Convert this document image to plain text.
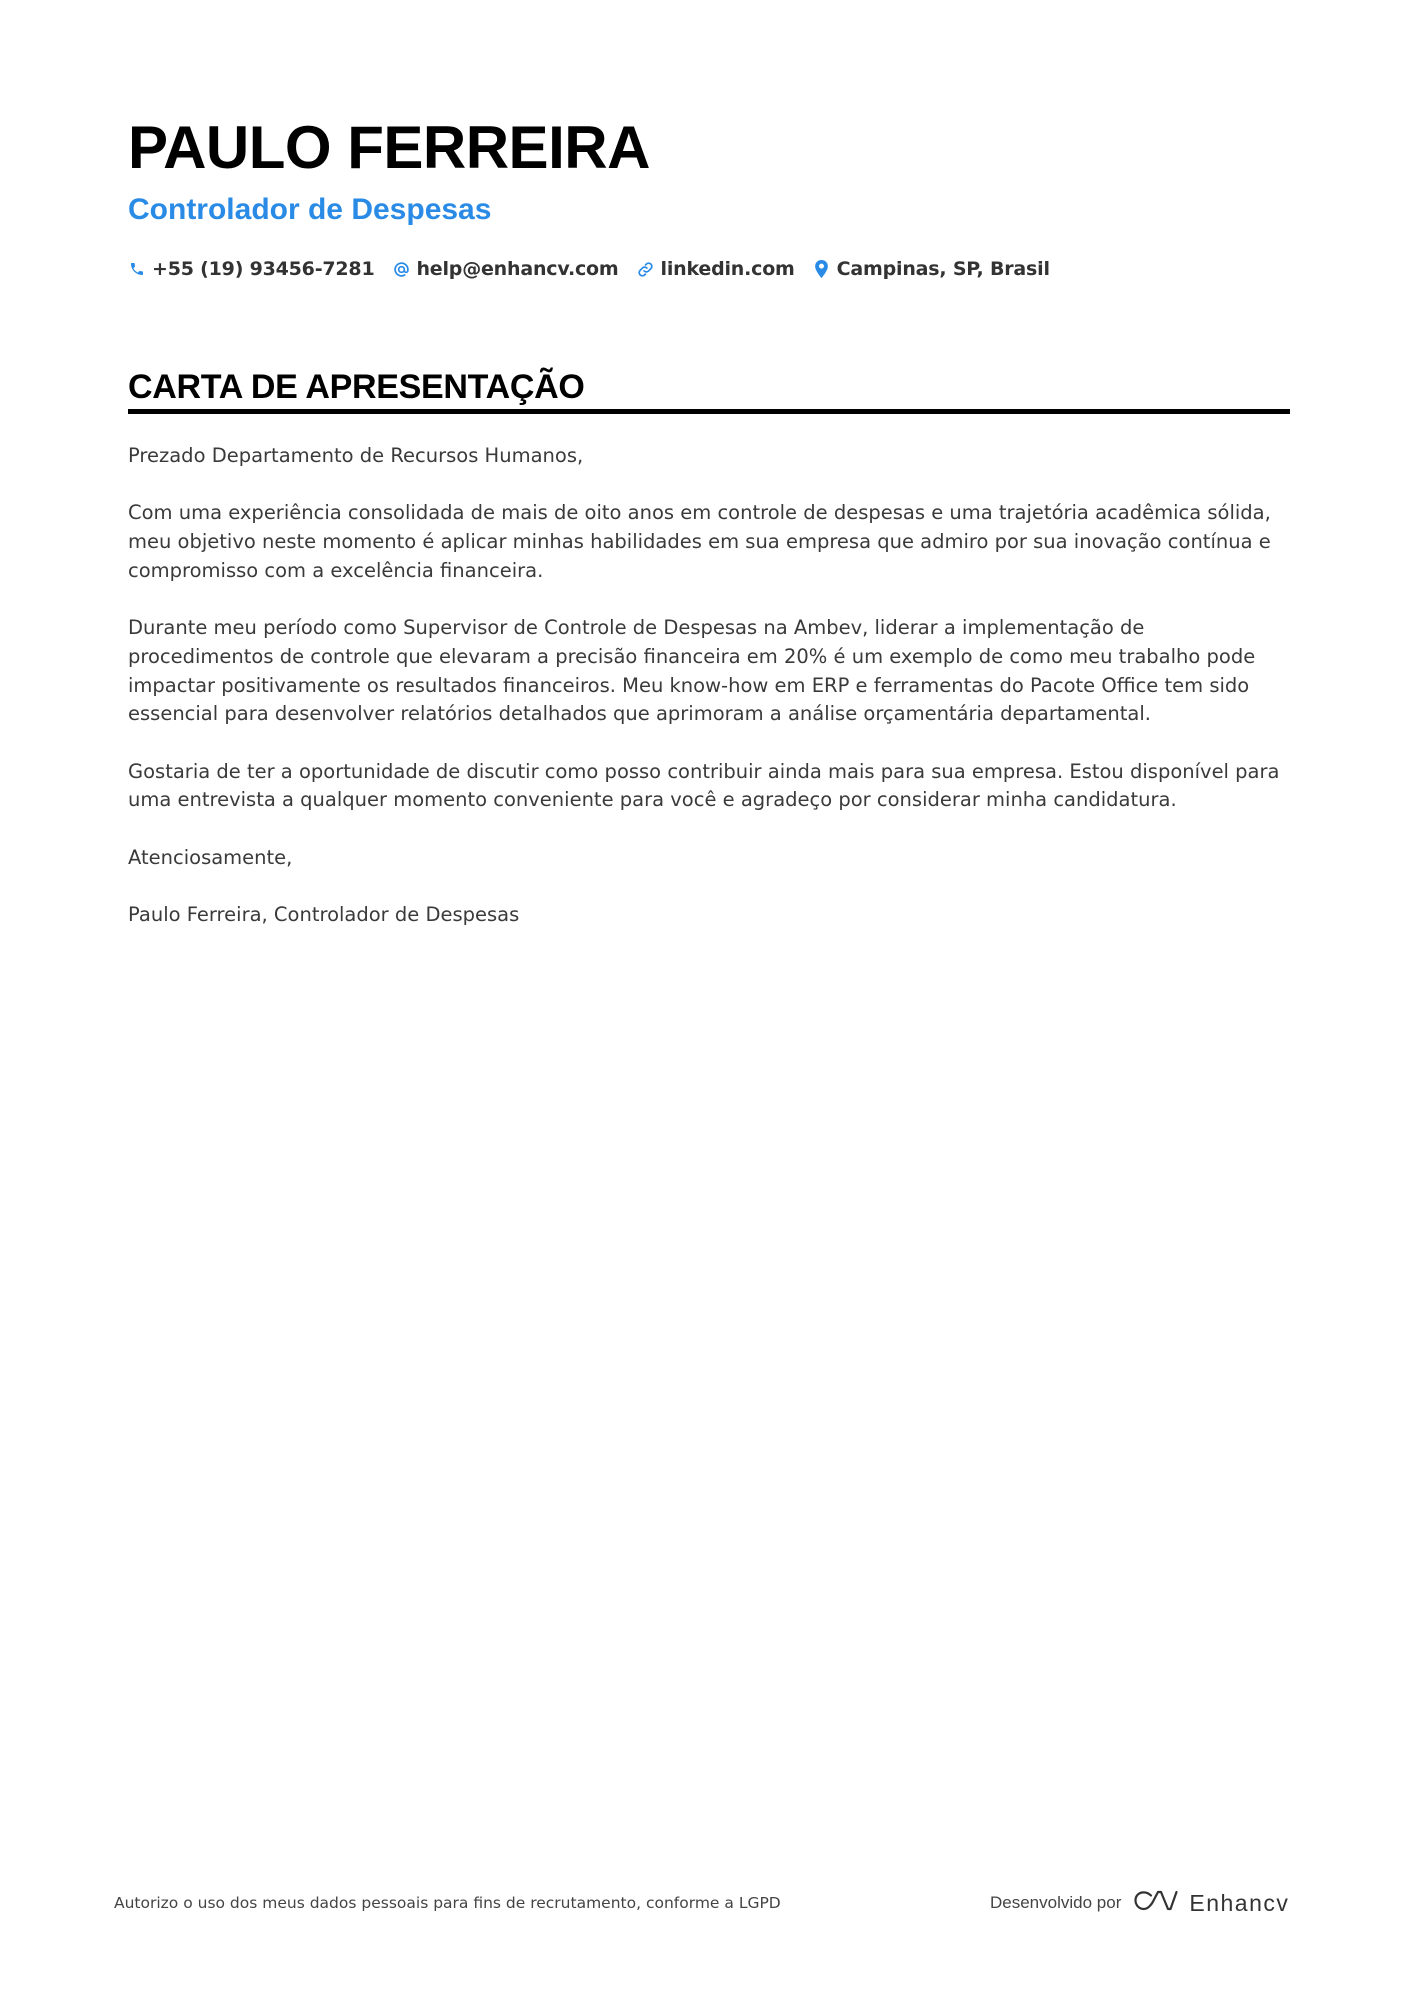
PAULO FERREIRA
Controlador de Despesas
+55 (19) 93456-7281 help@enhancv.com linkedin.com Campinas, SP, Brasil
CARTA DE APRESENTAÇÃO

Prezado Departamento de Recursos Humanos,

Com uma experiência consolidada de mais de oito anos em controle de despesas e uma trajetória acadêmica sólida, meu objetivo neste momento é aplicar minhas habilidades em sua empresa que admiro por sua inovação contínua e compromisso com a excelência financeira.

Durante meu período como Supervisor de Controle de Despesas na Ambev, liderar a implementação de procedimentos de controle que elevaram a precisão financeira em 20% é um exemplo de como meu trabalho pode impactar positivamente os resultados financeiros. Meu know-how em ERP e ferramentas do Pacote Office tem sido essencial para desenvolver relatórios detalhados que aprimoram a análise orçamentária departamental.

Gostaria de ter a oportunidade de discutir como posso contribuir ainda mais para sua empresa. Estou disponível para uma entrevista a qualquer momento conveniente para você e agradeço por considerar minha candidatura.

Atenciosamente,

Paulo Ferreira, Controlador de Despesas

Autorizo o uso dos meus dados pessoais para fins de recrutamento, conforme a LGPD	Desenvolvido por	Enhancv
